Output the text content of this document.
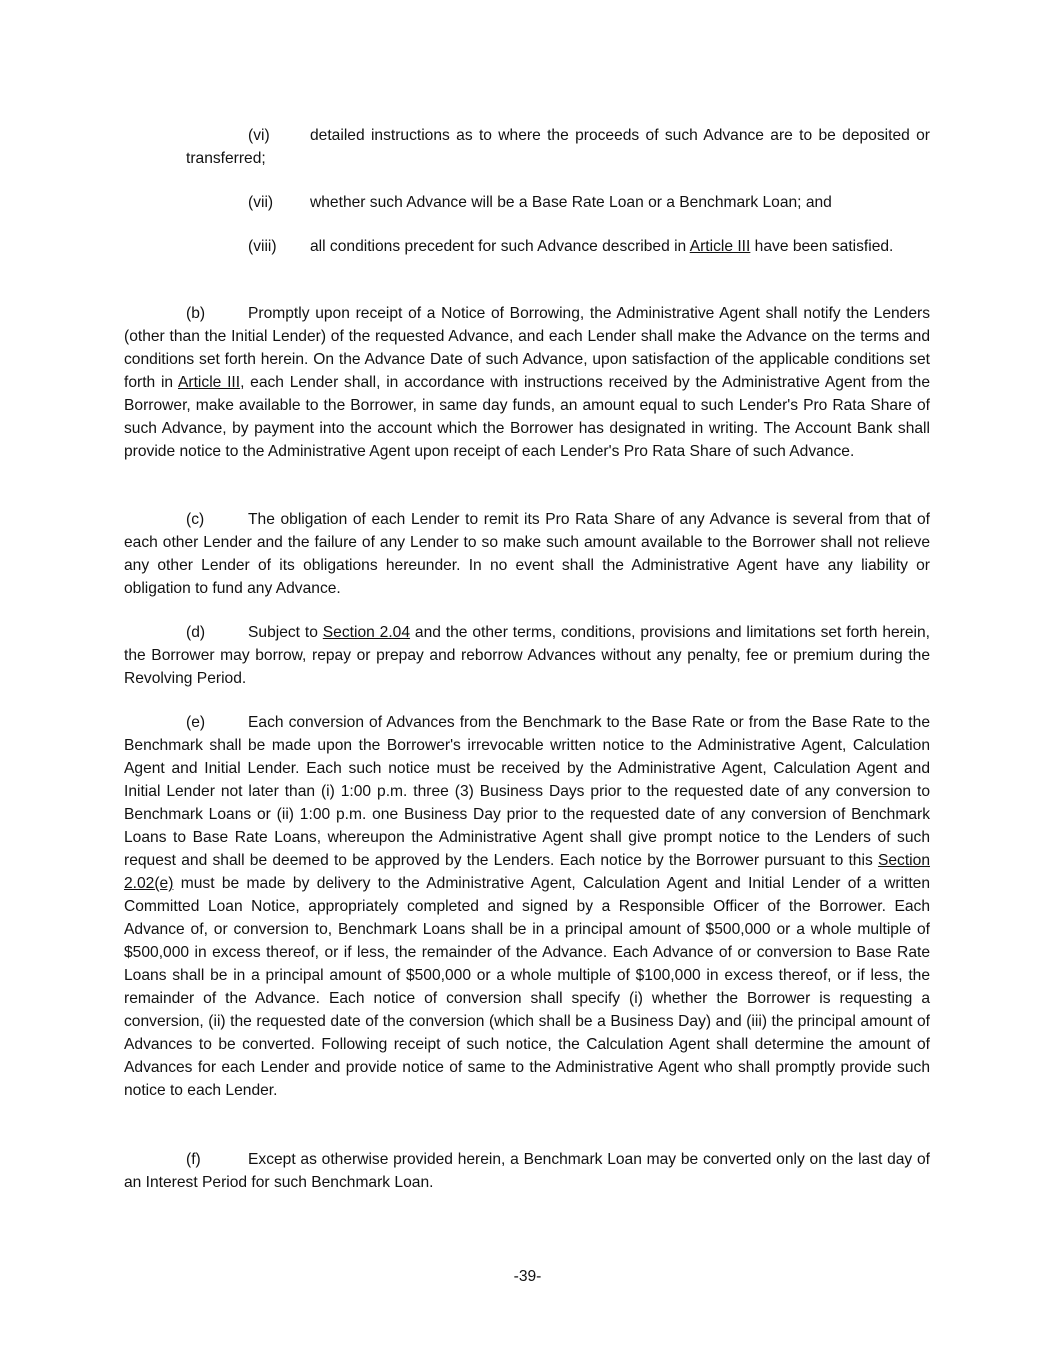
(vi)	detailed instructions as to where the proceeds of such Advance are to be deposited or transferred;
(vii) whether such Advance will be a Base Rate Loan or a Benchmark Loan; and
(viii) all conditions precedent for such Advance described in Article III have been satisfied.
(b)	Promptly upon receipt of a Notice of Borrowing, the Administrative Agent shall notify the Lenders (other than the Initial Lender) of the requested Advance, and each Lender shall make the Advance on the terms and conditions set forth herein. On the Advance Date of such Advance, upon satisfaction of the applicable conditions set forth in Article III, each Lender shall, in accordance with instructions received by the Administrative Agent from the Borrower, make available to the Borrower, in same day funds, an amount equal to such Lender's Pro Rata Share of such Advance, by payment into the account which the Borrower has designated in writing. The Account Bank shall provide notice to the Administrative Agent upon receipt of each Lender's Pro Rata Share of such Advance.
(c)	The obligation of each Lender to remit its Pro Rata Share of any Advance is several from that of each other Lender and the failure of any Lender to so make such amount available to the Borrower shall not relieve any other Lender of its obligations hereunder. In no event shall the Administrative Agent have any liability or obligation to fund any Advance.
(d)	Subject to Section 2.04 and the other terms, conditions, provisions and limitations set forth herein, the Borrower may borrow, repay or prepay and reborrow Advances without any penalty, fee or premium during the Revolving Period.
(e)	Each conversion of Advances from the Benchmark to the Base Rate or from the Base Rate to the Benchmark shall be made upon the Borrower's irrevocable written notice to the Administrative Agent, Calculation Agent and Initial Lender. Each such notice must be received by the Administrative Agent, Calculation Agent and Initial Lender not later than (i) 1:00 p.m. three (3) Business Days prior to the requested date of any conversion to Benchmark Loans or (ii) 1:00 p.m. one Business Day prior to the requested date of any conversion of Benchmark Loans to Base Rate Loans, whereupon the Administrative Agent shall give prompt notice to the Lenders of such request and shall be deemed to be approved by the Lenders. Each notice by the Borrower pursuant to this Section 2.02(e) must be made by delivery to the Administrative Agent, Calculation Agent and Initial Lender of a written Committed Loan Notice, appropriately completed and signed by a Responsible Officer of the Borrower. Each Advance of, or conversion to, Benchmark Loans shall be in a principal amount of $500,000 or a whole multiple of $500,000 in excess thereof, or if less, the remainder of the Advance. Each Advance of or conversion to Base Rate Loans shall be in a principal amount of $500,000 or a whole multiple of $100,000 in excess thereof, or if less, the remainder of the Advance. Each notice of conversion shall specify (i) whether the Borrower is requesting a conversion, (ii) the requested date of the conversion (which shall be a Business Day) and (iii) the principal amount of Advances to be converted. Following receipt of such notice, the Calculation Agent shall determine the amount of Advances for each Lender and provide notice of same to the Administrative Agent who shall promptly provide such notice to each Lender.
(f)	Except as otherwise provided herein, a Benchmark Loan may be converted only on the last day of an Interest Period for such Benchmark Loan.
-39-
